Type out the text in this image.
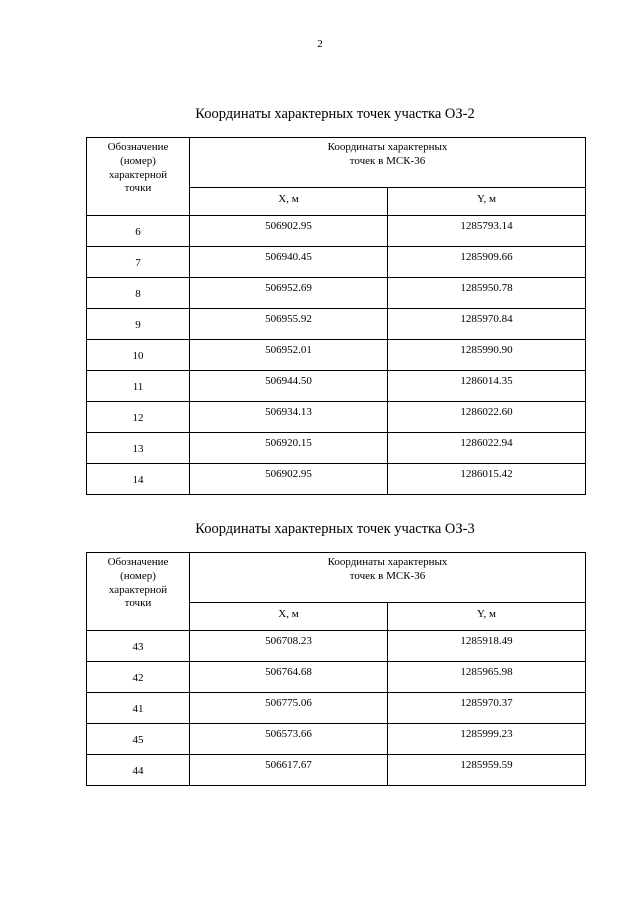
2
Координаты характерных точек участка ОЗ-2
Обозначение
(номер)
характерной
точки	Координаты характерных
точек в МСК-36	

	X, м	Y, м
6	506902.95	1285793.14
7	506940.45	1285909.66
8	506952.69	1285950.78
9	506955.92	1285970.84
10	506952.01	1285990.90
11	506944.50	1286014.35
12	506934.13	1286022.60
13	506920.15	1286022.94
14	506902.95	1286015.42
Координаты характерных точек участка ОЗ-3
Обозначение
(номер)
характерной
точки	Координаты характерных
точек в МСК-36	

	X, м	Y, м
43	506708.23	1285918.49
42	506764.68	1285965.98
41	506775.06	1285970.37
45	506573.66	1285999.23
44	506617.67	1285959.59
